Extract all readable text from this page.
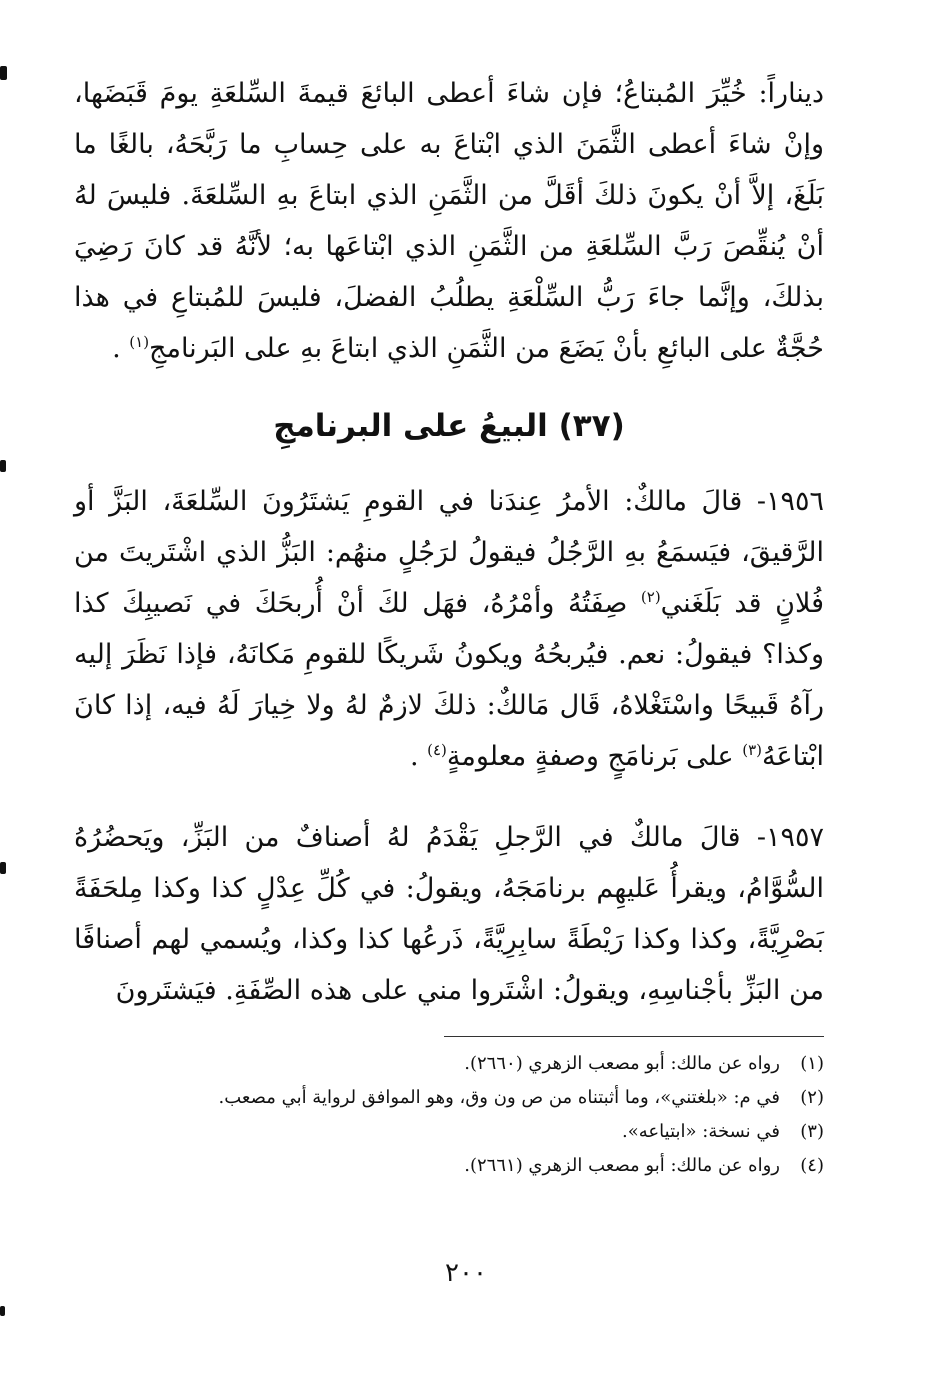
ديناراً: خُيِّرَ المُبتاعُ؛ فإن شاءَ أعطى البائعَ قيمةَ السِّلعَةِ يومَ قَبَضَها، وإنْ شاءَ أعطى الثَّمَنَ الذي ابْتاعَ به على حِسابِ ما رَبَّحَهُ، بالغًا ما بَلَغَ، إلاَّ أنْ يكونَ ذلكَ أقَلَّ من الثَّمَنِ الذي ابتاعَ بهِ السِّلعَةَ. فليسَ لهُ أنْ يُنقِّصَ رَبَّ السِّلعَةِ من الثَّمَنِ الذي ابْتاعَها به؛ لأنَّهُ قد كانَ رَضِيَ بذلكَ، وإنَّما جاءَ رَبُّ السِّلْعَةِ يطلُبُ الفضلَ، فليسَ للمُبتاعِ في هذا حُجَّةٌ على البائعِ بأنْ يَضَعَ من الثَّمَنِ الذي ابتاعَ بهِ على البَرنامجِ$^{(١)}$ .

(٣٧) البيعُ على البرنامجِ

١٩٥٦- قالَ مالكٌ: الأمرُ عِندَنا في القومِ يَشتَرُونَ السِّلعَةَ، البَزَّ أو الرَّقيقَ، فيَسمَعُ بهِ الرَّجُلُ فيقولُ لرَجُلٍ منهُم: البَزُّ الذي اشْتَريتَ من فُلانٍ قد بَلَغَني$^{(٢)}$ صِفَتُهُ وأمْرُهُ، فهَل لكَ أنْ أُربحَكَ في نَصيبِكَ كذا وكذا؟ فيقولُ: نعم. فيُربحُهُ ويكونُ شَريكًا للقومِ مَكانَهُ، فإذا نَظَرَ إليه رآهُ قَبيحًا واسْتَغْلاهُ، قَال مَالكٌ: ذلكَ لازمٌ لهُ ولا خِيارَ لَهُ فيه، إذا كانَ ابْتاعَهُ$^{(٣)}$ على بَرنامَجٍ وصفةٍ معلومةٍ$^{(٤)}$ .

١٩٥٧- قالَ مالكٌ في الرَّجلِ يَقْدَمُ لهُ أصنافٌ من البَزِّ، ويَحضُرُهُ السُّوَّامُ، ويقرأُ عَليهِم برنامَجَهُ، ويقولُ: في كُلِّ عِدْلٍ كذا وكذا مِلحَفَةً بَصْرِيَّةً، وكذا وكذا رَيْطَةً سابِرِيَّةً، ذَرعُها كذا وكذا، ويُسمي لهم أصنافًا من البَزِّ بأجْناسِهِ، ويقولُ: اشْتَروا مني على هذه الصِّفَةِ. فيَشتَرونَ

(١)رواه عن مالك: أبو مصعب الزهري (٢٦٦٠).
(٢)في م: «بلغتني»، وما أثبتناه من ص ون وق، وهو الموافق لرواية أبي مصعب.
(٣)في نسخة: «ابتياعه».
(٤)رواه عن مالك: أبو مصعب الزهري (٢٦٦١).
٢٠٠
